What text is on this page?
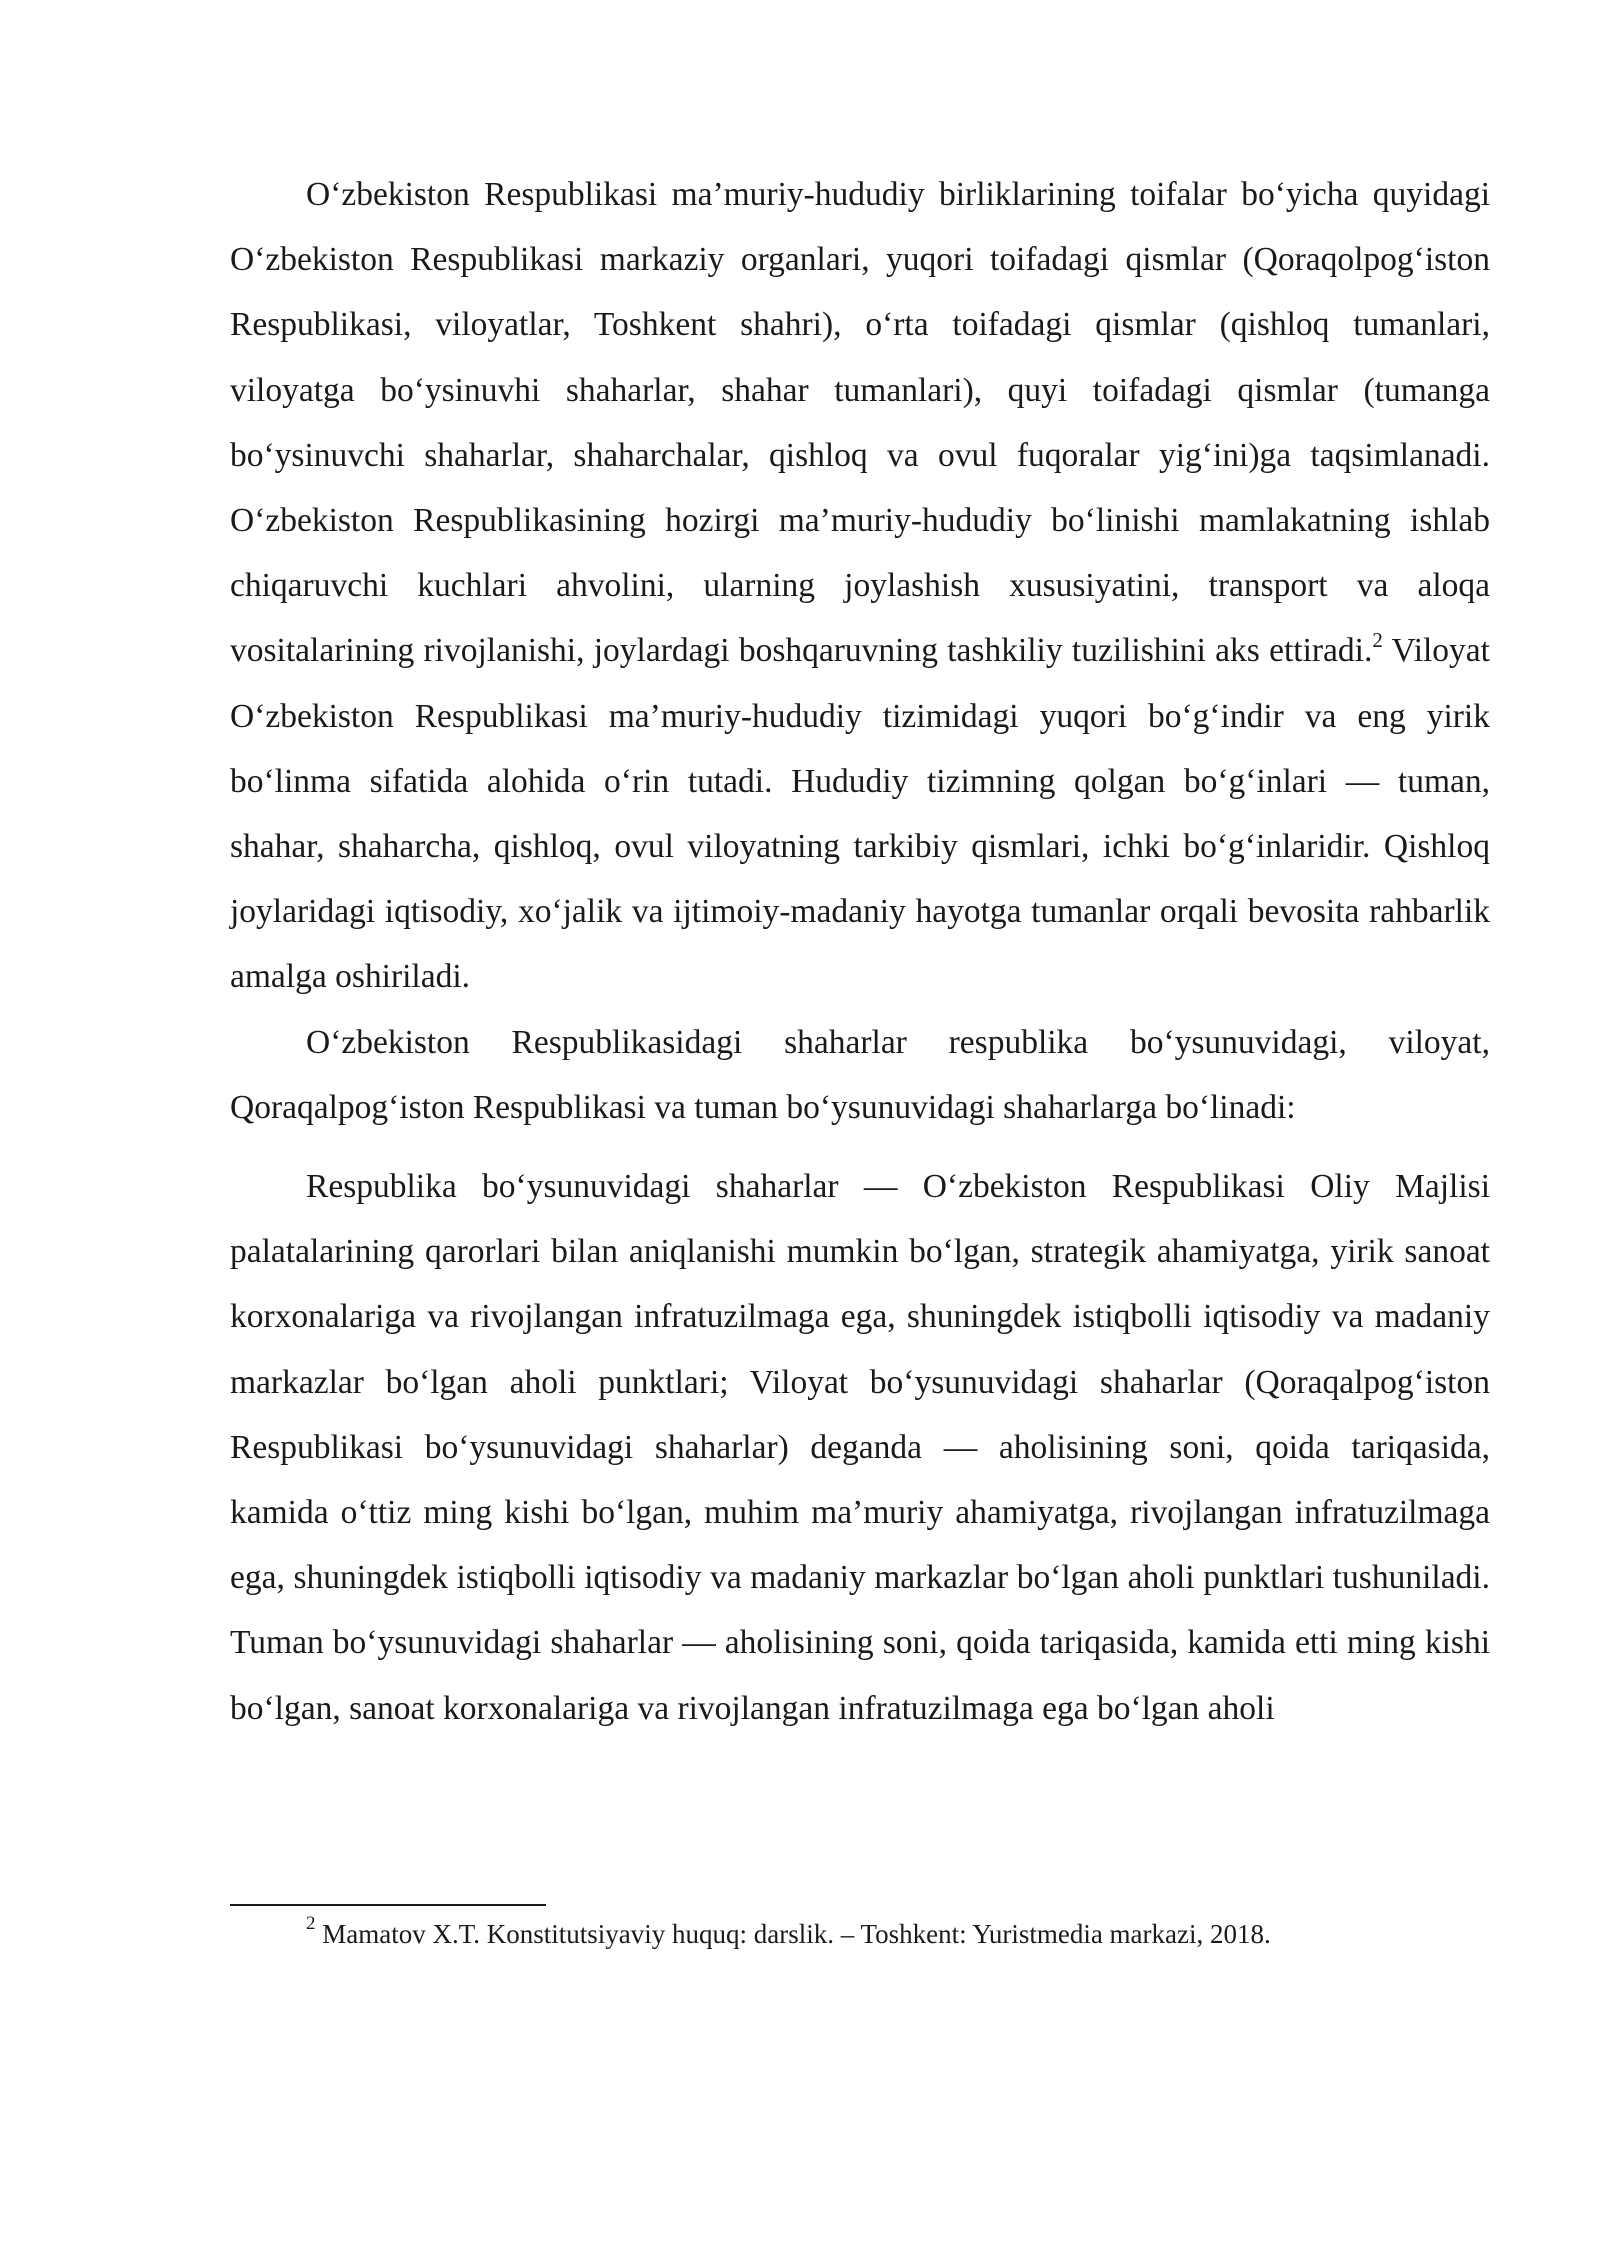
O‘zbekiston Respublikasi ma’muriy-hududiy birliklarining toifalar bo‘yicha quyidagi O‘zbekiston Respublikasi markaziy organlari, yuqori toifadagi qismlar (Qoraqolpog‘iston Respublikasi, viloyatlar, Toshkent shahri), o‘rta toifadagi qismlar (qishloq tumanlari, viloyatga bo‘ysinuvhi shaharlar, shahar tumanlari), quyi toifadagi qismlar (tumanga bo‘ysinuvchi shaharlar, shaharchalar, qishloq va ovul fuqoralar yig‘ini)ga taqsimlanadi. O‘zbekiston Respublikasining hozirgi ma’muriy-hududiy bo‘linishi mamlakatning ishlab chiqaruvchi kuchlari ahvolini, ularning joylashish xususiyatini, transport va aloqa vositalarining rivojlanishi, joylardagi boshqaruvning tashkiliy tuzilishini aks ettiradi.$^2$ Viloyat O‘zbekiston Respublikasi ma’muriy-hududiy tizimidagi yuqori bo‘g‘indir va eng yirik bo‘linma sifatida alohida o‘rin tutadi. Hududiy tizimning qolgan bo‘g‘inlari — tuman, shahar, shaharcha, qishloq, ovul viloyatning tarkibiy qismlari, ichki bo‘g‘inlaridir. Qishloq joylaridagi iqtisodiy, xo‘jalik va ijtimoiy-madaniy hayotga tumanlar orqali bevosita rahbarlik amalga oshiriladi.

O‘zbekiston Respublikasidagi shaharlar respublika bo‘ysunuvidagi, viloyat, Qoraqalpog‘iston Respublikasi va tuman bo‘ysunuvidagi shaharlarga bo‘linadi:

Respublika bo‘ysunuvidagi shaharlar — O‘zbekiston Respublikasi Oliy Majlisi palatalarining qarorlari bilan aniqlanishi mumkin bo‘lgan, strategik ahamiyatga, yirik sanoat korxonalariga va rivojlangan infratuzilmaga ega, shuningdek istiqbolli iqtisodiy va madaniy markazlar bo‘lgan aholi punktlari; Viloyat bo‘ysunuvidagi shaharlar (Qoraqalpog‘iston Respublikasi bo‘ysunuvidagi shaharlar) deganda — aholisining soni, qoida tariqasida, kamida o‘ttiz ming kishi bo‘lgan, muhim ma’muriy ahamiyatga, rivojlangan infratuzilmaga ega, shuningdek istiqbolli iqtisodiy va madaniy markazlar bo‘lgan aholi punktlari tushuniladi. Tuman bo‘ysunuvidagi shaharlar — aholisining soni, qoida tariqasida, kamida etti ming kishi bo‘lgan, sanoat korxonalariga va rivojlangan infratuzilmaga ega bo‘lgan aholi

$^2$ Mamatov X.T. Konstitutsiyaviy huquq: darslik. – Toshkent: Yuristmedia markazi, 2018.
